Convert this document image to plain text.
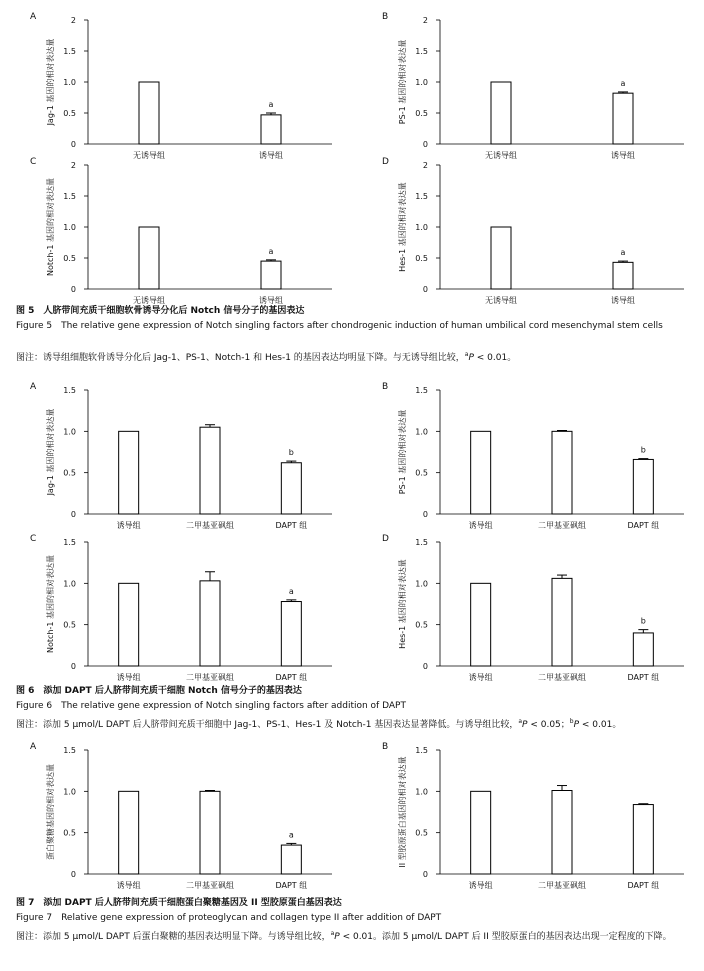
A
Jag-1 基因的相对表达量
0
0.5
1.0
1.5
2
无诱导组
a
诱导组
B
PS-1 基因的相对表达量
0
0.5
1.0
1.5
2
无诱导组
a
诱导组
C
Notch-1 基因的相对表达量
0
0.5
1.0
1.5
2
无诱导组
a
诱导组
D
Hes-1 基因的相对表达量
0
0.5
1.0
1.5
2
无诱导组
a
诱导组
图 5　人脐带间充质干细胞软骨诱导分化后 Notch 信号分子的基因表达
Figure 5　The relative gene expression of Notch singling factors after chondrogenic induction of human umbilical cord mesenchymal stem cells
图注：诱导组细胞软骨诱导分化后 Jag-1、PS-1、Notch-1 和 Hes-1 的基因表达均明显下降。与无诱导组比较，$^a$P < 0.01。
A
Jag-1 基因的相对表达量
0
0.5
1.0
1.5
诱导组	二甲基亚砜组
b
DAPT 组
B
PS-1 基因的相对表达量
0
0.5
1.0
1.5
诱导组	二甲基亚砜组
b
DAPT 组
C
Notch-1 基因的相对表达量
0
0.5
1.0
1.5
诱导组	二甲基亚砜组
a
DAPT 组
D
Hes-1 基因的相对表达量
0
0.5
1.0
1.5
诱导组	二甲基亚砜组
b
DAPT 组
图 6　添加 DAPT 后人脐带间充质干细胞 Notch 信号分子的基因表达
Figure 6　The relative gene expression of Notch singling factors after addition of DAPT
图注：添加 5 μmol/L DAPT 后人脐带间充质干细胞中 Jag-1、PS-1、Hes-1 及 Notch-1 基因表达显著降低。与诱导组比较，$^a$P < 0.05；$^b$P < 0.01。
A
蛋白聚糖基因的相对表达量
0
0.5
1.0
1.5
诱导组	二甲基亚砜组
a
DAPT 组
B
II 型胶原蛋白基因的相对表达量
0
0.5
1.0
1.5
诱导组	二甲基亚砜组	DAPT 组
图 7　添加 DAPT 后人脐带间充质干细胞蛋白聚糖基因及 II 型胶原蛋白基因表达
Figure 7　Relative gene expression of proteoglycan and collagen type II after addition of DAPT
图注：添加 5 μmol/L DAPT 后蛋白聚糖的基因表达明显下降。与诱导组比较，$^a$P < 0.01。添加 5 μmol/L DAPT 后 II 型胶原蛋白的基因表达出现一定程度的下降。
